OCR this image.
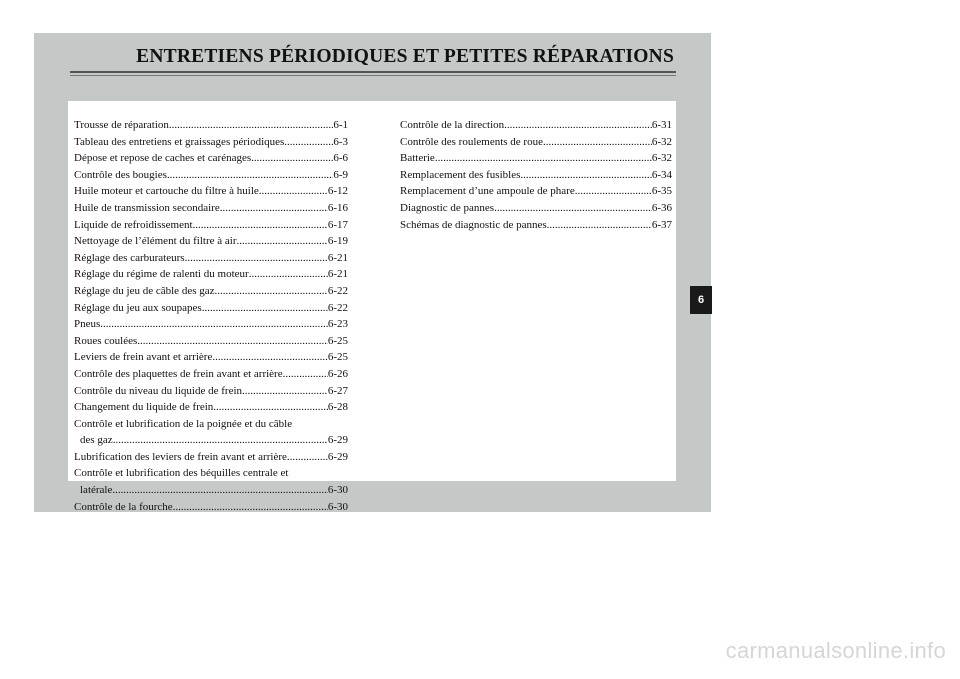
ENTRETIENS PÉRIODIQUES ET PETITES RÉPARATIONS
Trousse de réparation .....	6-1
Tableau des entretiens et graissages périodiques .....	6-3
Dépose et repose de caches et carénages .....	6-6
Contrôle des bougies .....	6-9
Huile moteur et cartouche du filtre à huile .....	6-12
Huile de transmission secondaire .....	6-16
Liquide de refroidissement .....	6-17
Nettoyage de l’élément du filtre à air .....	6-19
Réglage des carburateurs .....	6-21
Réglage du régime de ralenti du moteur .....	6-21
Réglage du jeu de câble des gaz .....	6-22
Réglage du jeu aux soupapes .....	6-22
Pneus .....	6-23
Roues coulées .....	6-25
Leviers de frein avant et arrière .....	6-25
Contrôle des plaquettes de frein avant et arrière .....	6-26
Contrôle du niveau du liquide de frein .....	6-27
Changement du liquide de frein .....	6-28
Contrôle et lubrification de la poignée et du câble
des gaz .....	6-29
Lubrification des leviers de frein avant et arrière .....	6-29
Contrôle et lubrification des béquilles centrale et
latérale .....	6-30
Contrôle de la fourche .....	6-30
Contrôle de la direction .....	6-31
Contrôle des roulements de roue .....	6-32
Batterie .....	6-32
Remplacement des fusibles .....	6-34
Remplacement d’une ampoule de phare .....	6-35
Diagnostic de pannes .....	6-36
Schémas de diagnostic de pannes .....	6-37
6
carmanualsonline.info
